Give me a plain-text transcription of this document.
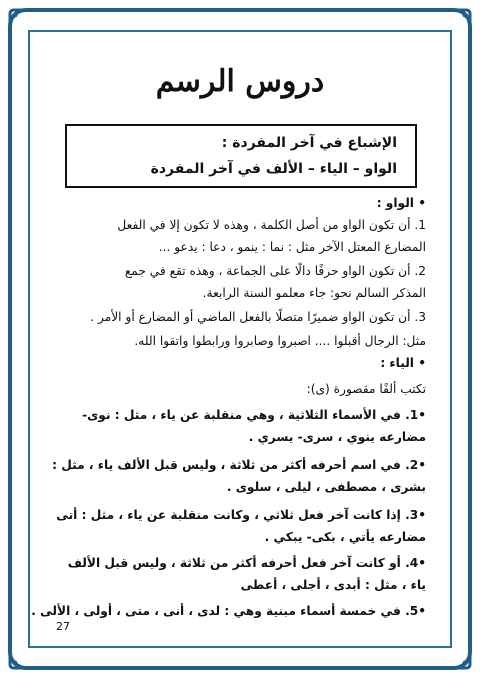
دروس الرسم
الإشباع في آخر المفردة :
الواو – الياء – الألف في آخر المفردة
• الواو :
1. أن تكون الواو من أصل الكلمة ، وهذه لا تكون إلا في الفعل
المضارع المعتل الآخر مثل : نما : ينمو ، دعا : يدعو ...
2. أن تكون الواو حرفًا دالًا على الجماعة ، وهذه تقع في جمع
المذكر السالم نحو: جاء معلمو السنة الرابعة.
3. أن تكون الواو ضميرًا متصلًا بالفعل الماضي أو المضارع أو الأمر .
مثل: الرجال أقبلوا .... اصبروا وصابروا ورابطوا واتقوا الله.
• الياء :
تكتب ألفًا مقصورة (ى):
•1. في الأسماء الثلاثية ، وهي منقلبة عن ياء ، مثل : نوى-
مضارعه ينوي ، سرى- يسري .
•2. في اسم أحرفه أكثر من ثلاثة ، وليس قبل الألف ياء ، مثل :
بشرى ، مصطفى ، ليلى ، سلوى .
•3. إذا كانت آخر فعل ثلاثي ، وكانت منقلبة عن ياء ، مثل : أتى
مضارعه يأتي ، بكى- يبكي .
•4. أو كانت آخر فعل أحرفه أكثر من ثلاثة ، وليس قبل الألف
ياء ، مثل : أبدى ، أجلى ، أعطى
•5. في خمسة أسماء مبنية وهي : لدى ، أنى ، متى ، أولى ، الألى .
27
